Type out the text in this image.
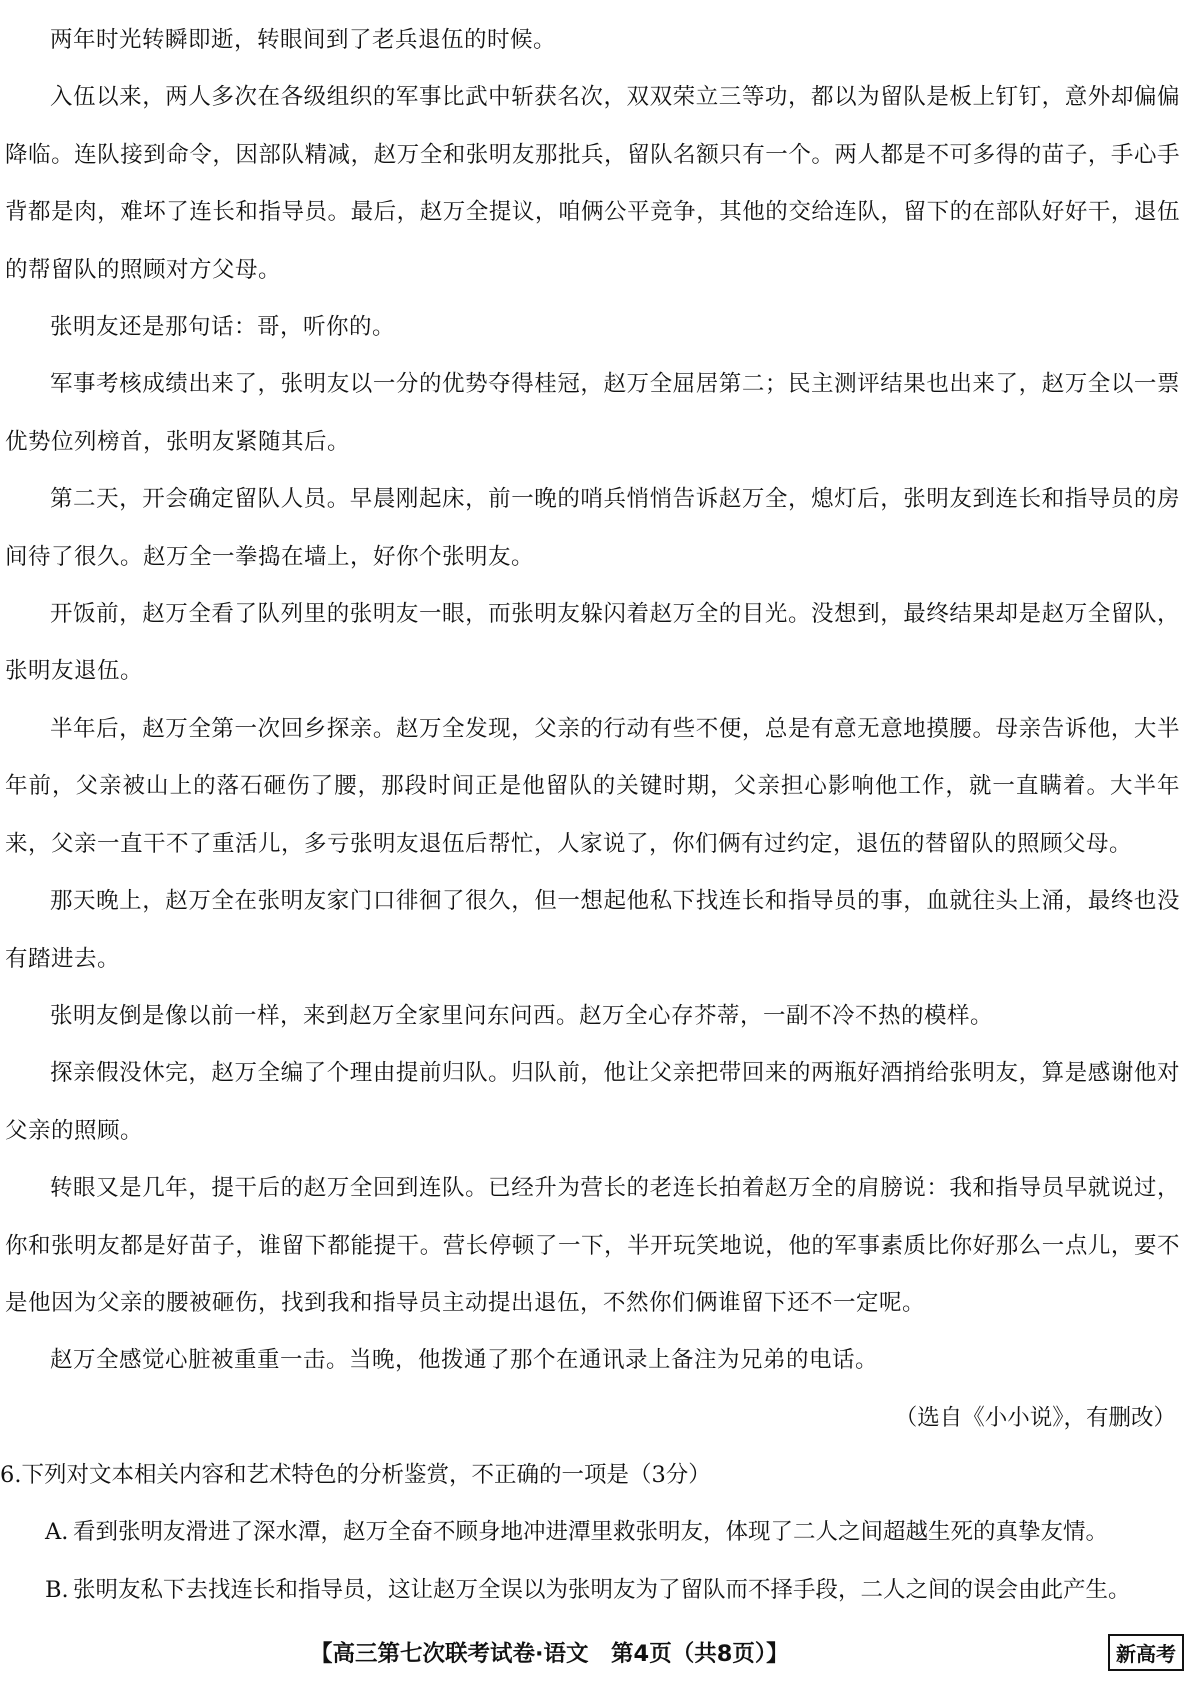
两年时光转瞬即逝，转眼间到了老兵退伍的时候。

入伍以来，两人多次在各级组织的军事比武中斩获名次，双双荣立三等功，都以为留队是板上钉钉，意外却偏偏降临。连队接到命令，因部队精减，赵万全和张明友那批兵，留队名额只有一个。两人都是不可多得的苗子，手心手背都是肉，难坏了连长和指导员。最后，赵万全提议，咱俩公平竞争，其他的交给连队，留下的在部队好好干，退伍的帮留队的照顾对方父母。

张明友还是那句话：哥，听你的。

军事考核成绩出来了，张明友以一分的优势夺得桂冠，赵万全屈居第二；民主测评结果也出来了，赵万全以一票优势位列榜首，张明友紧随其后。

第二天，开会确定留队人员。早晨刚起床，前一晚的哨兵悄悄告诉赵万全，熄灯后，张明友到连长和指导员的房间待了很久。赵万全一拳捣在墙上，好你个张明友。

开饭前，赵万全看了队列里的张明友一眼，而张明友躲闪着赵万全的目光。没想到，最终结果却是赵万全留队，张明友退伍。

半年后，赵万全第一次回乡探亲。赵万全发现，父亲的行动有些不便，总是有意无意地摸腰。母亲告诉他，大半年前，父亲被山上的落石砸伤了腰，那段时间正是他留队的关键时期，父亲担心影响他工作，就一直瞒着。大半年来，父亲一直干不了重活儿，多亏张明友退伍后帮忙，人家说了，你们俩有过约定，退伍的替留队的照顾父母。

那天晚上，赵万全在张明友家门口徘徊了很久，但一想起他私下找连长和指导员的事，血就往头上涌，最终也没有踏进去。

张明友倒是像以前一样，来到赵万全家里问东问西。赵万全心存芥蒂，一副不冷不热的模样。

探亲假没休完，赵万全编了个理由提前归队。归队前，他让父亲把带回来的两瓶好酒捎给张明友，算是感谢他对父亲的照顾。

转眼又是几年，提干后的赵万全回到连队。已经升为营长的老连长拍着赵万全的肩膀说：我和指导员早就说过，你和张明友都是好苗子，谁留下都能提干。营长停顿了一下，半开玩笑地说，他的军事素质比你好那么一点儿，要不是他因为父亲的腰被砸伤，找到我和指导员主动提出退伍，不然你们俩谁留下还不一定呢。

赵万全感觉心脏被重重一击。当晚，他拨通了那个在通讯录上备注为兄弟的电话。

（选自《小小说》，有删改）

6.下列对文本相关内容和艺术特色的分析鉴赏，不正确的一项是（3分）

A. 看到张明友滑进了深水潭，赵万全奋不顾身地冲进潭里救张明友，体现了二人之间超越生死的真挚友情。
B. 张明友私下去找连长和指导员，这让赵万全误以为张明友为了留队而不择手段，二人之间的误会由此产生。
【高三第七次联考试卷·语文　第4页（共8页）】	新高考
